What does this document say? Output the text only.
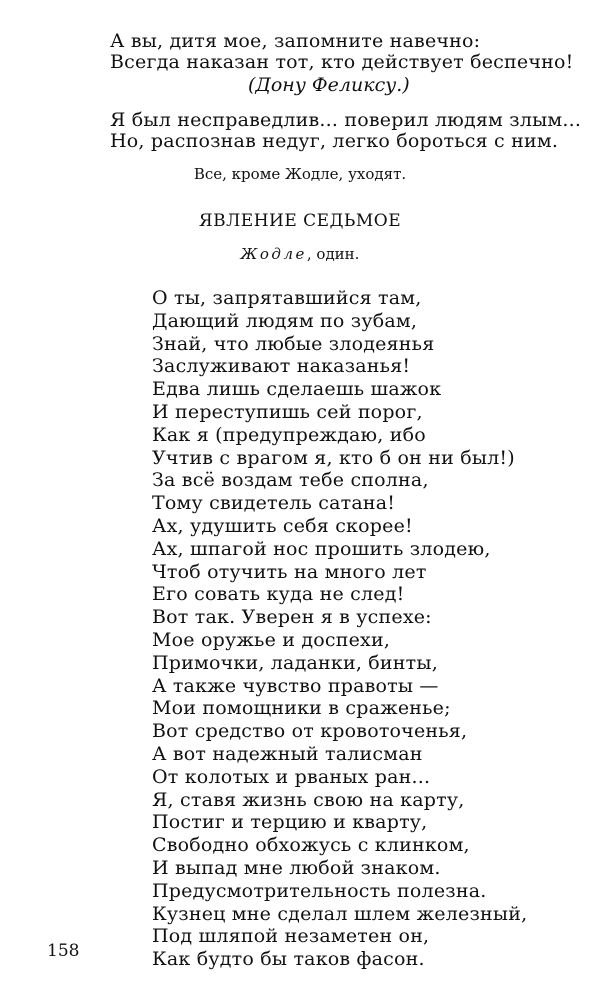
А вы, дитя мое, запомните навечно:
Всегда наказан тот, кто действует беспечно!
(Дону Феликсу.)
Я был несправедлив... поверил людям злым...
Но, распознав недуг, легко бороться с ним.
Все, кроме Жодле, уходят.
ЯВЛЕНИЕ СЕДЬМОЕ
Жодле, один.
О ты, запрятавшийся там,
Дающий людям по зубам,
Знай, что любые злодеянья
Заслуживают наказанья!
Едва лишь сделаешь шажок
И переступишь сей порог,
Как я (предупреждаю, ибо
Учтив с врагом я, кто б он ни был!)
За всё воздам тебе сполна,
Тому свидетель сатана!
Ах, удушить себя скорее!
Ах, шпагой нос прошить злодею,
Чтоб отучить на много лет
Его совать куда не след!
Вот так. Уверен я в успехе:
Мое оружье и доспехи,
Примочки, ладанки, бинты,
А также чувство правоты —
Мои помощники в сраженье;
Вот средство от кровоточенья,
А вот надежный талисман
От колотых и рваных ран...
Я, ставя жизнь свою на карту,
Постиг и терцию и кварту,
Свободно обхожусь с клинком,
И выпад мне любой знаком.
Предусмотрительность полезна.
Кузнец мне сделал шлем железный,
Под шляпой незаметен он,
Как будто бы таков фасон.
158
